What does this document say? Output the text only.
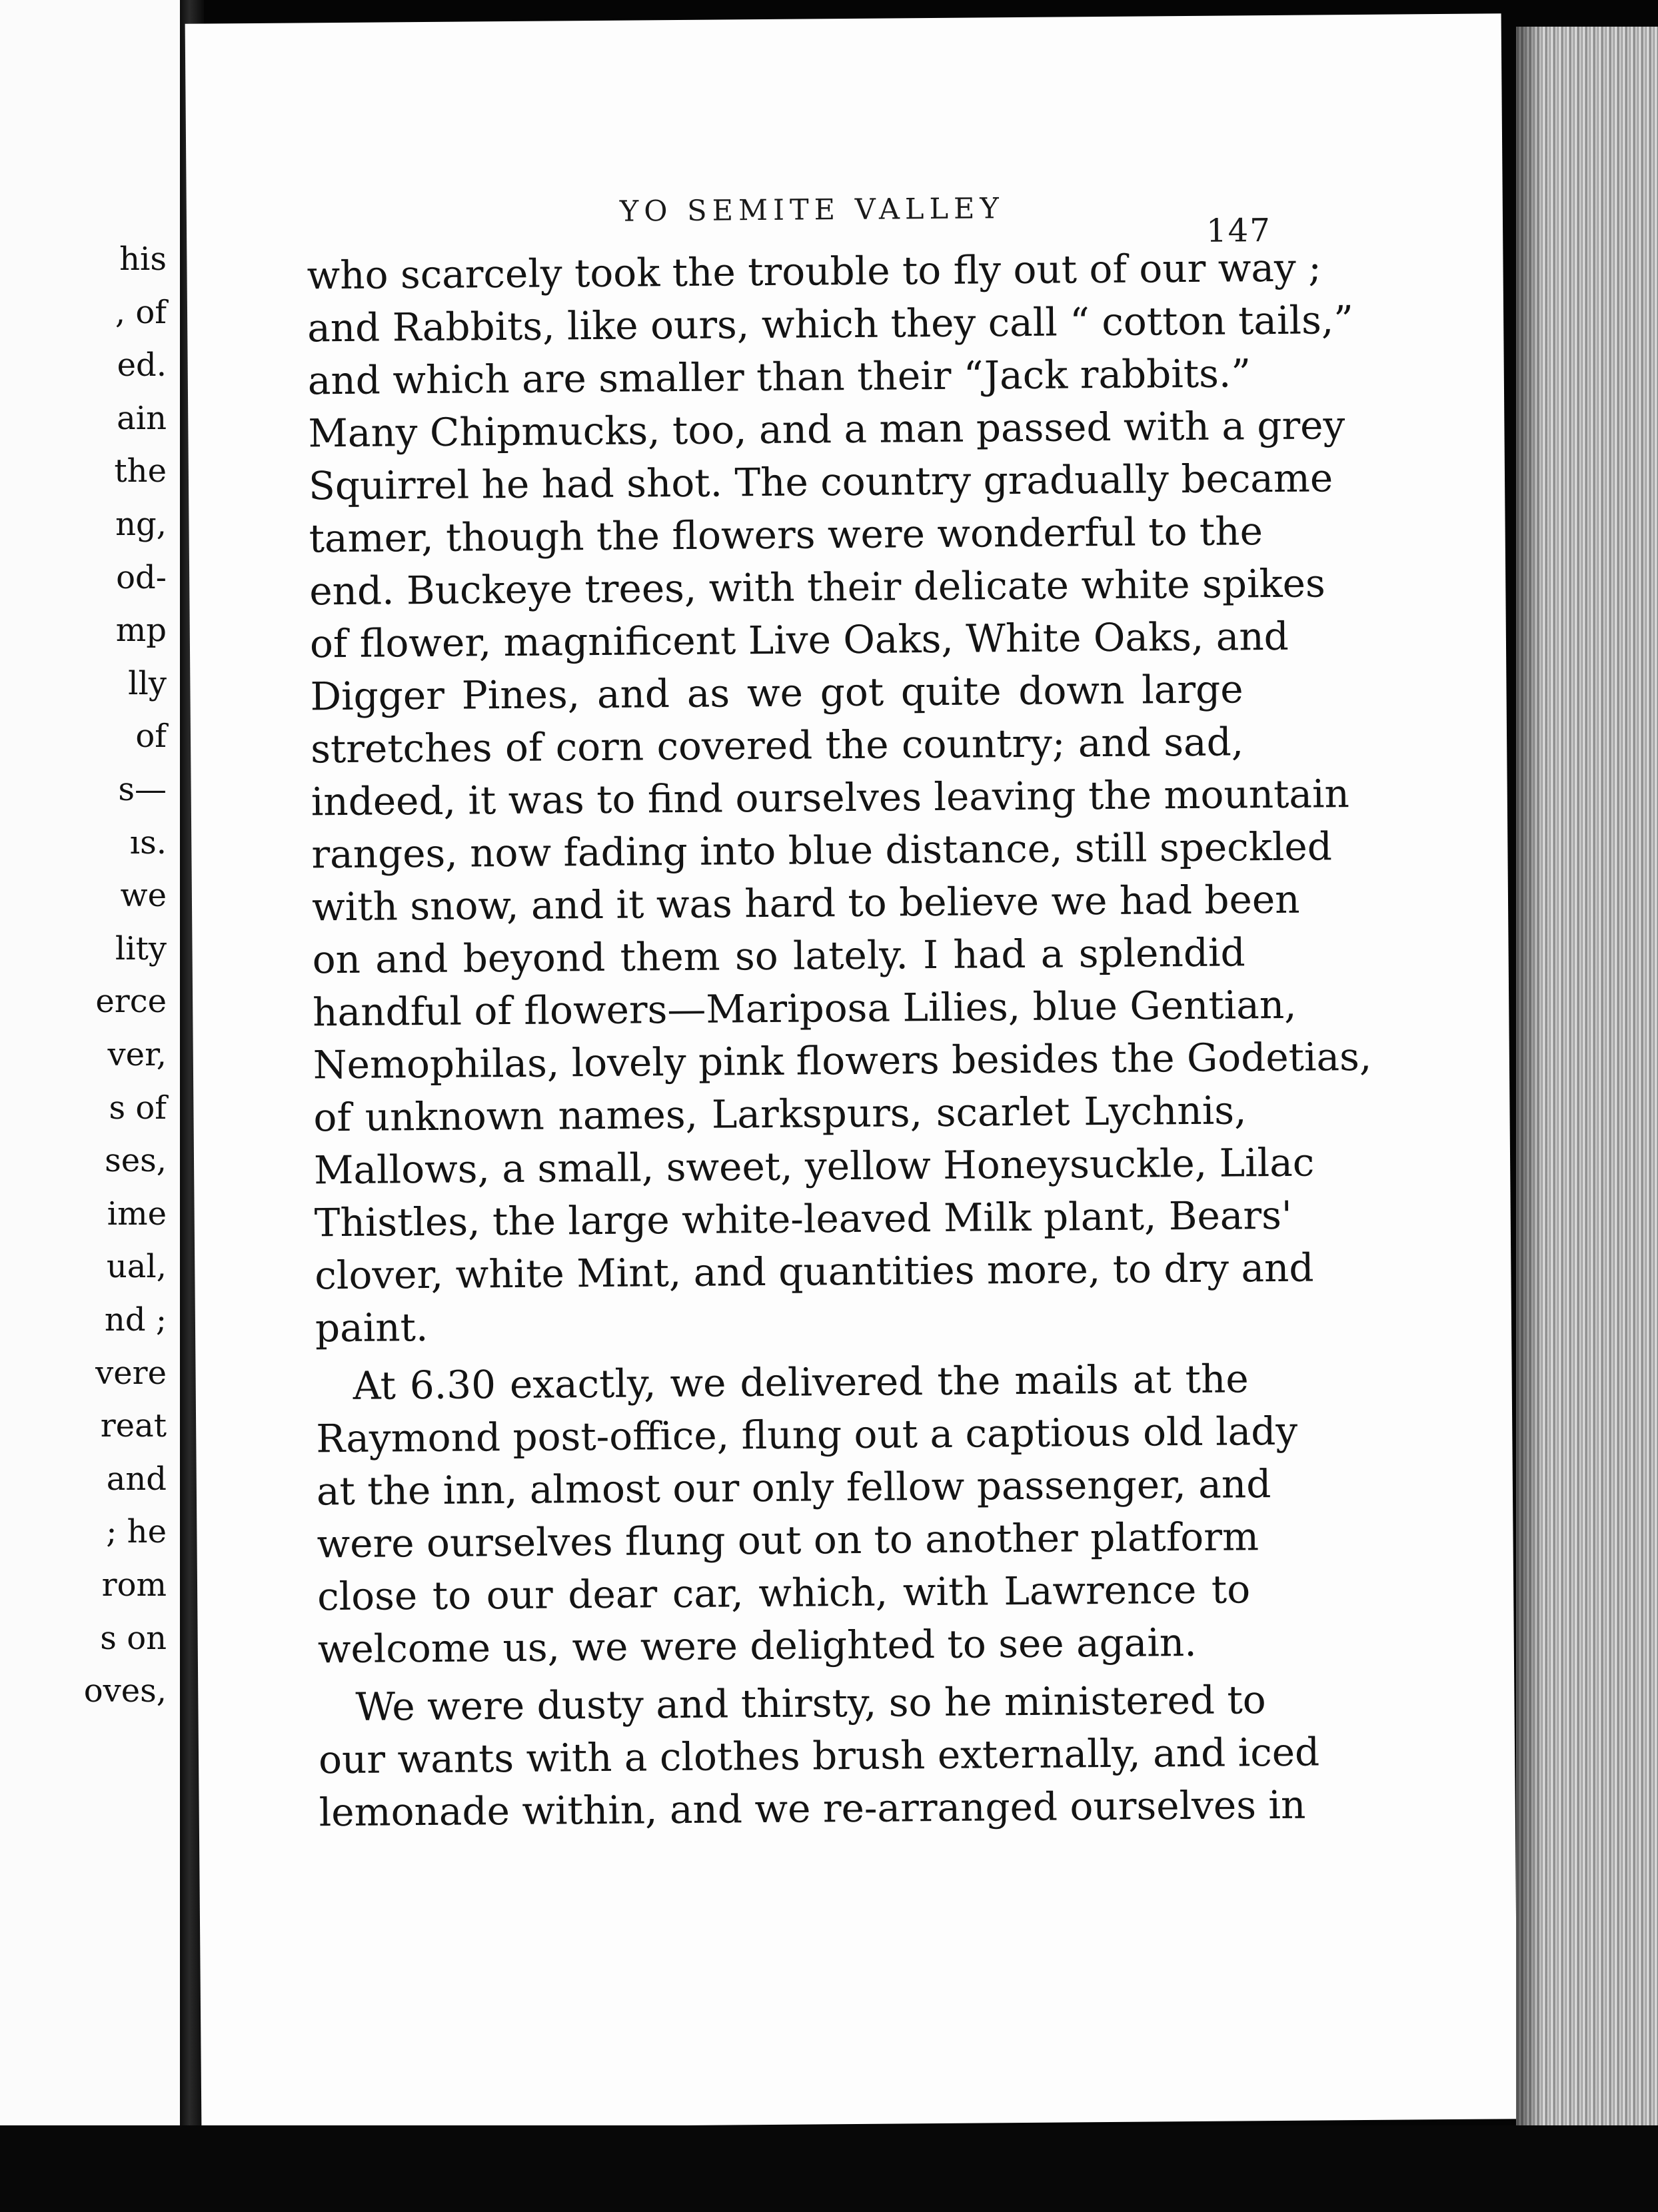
his
, of
ed.
ain
the
ng,
od-
mp
lly
of
s—
ıs.
we
lity
erce
ver,
s of
ses,
ime
ual,
nd ;
vere
reat
and
; he
rom
s on
oves,
YO SEMITE VALLEY
147
who scarcely took the trouble to fly out of our way ;
and Rabbits, like ours, which they call “ cotton tails,”
and which are smaller than their “Jack rabbits.”
Many Chipmucks, too, and a man passed with a grey
Squirrel he had shot. The country gradually became
tamer, though the flowers were wonderful to the
end. Buckeye trees, with their delicate white spikes
of flower, magnificent Live Oaks, White Oaks, and
Digger Pines, and as we got quite down large
stretches of corn covered the country; and sad,
indeed, it was to find ourselves leaving the mountain
ranges, now fading into blue distance, still speckled
with snow, and it was hard to believe we had been
on and beyond them so lately. I had a splendid
handful of flowers—Mariposa Lilies, blue Gentian,
Nemophilas, lovely pink flowers besides the Godetias,
of unknown names, Larkspurs, scarlet Lychnis,
Mallows, a small, sweet, yellow Honeysuckle, Lilac
Thistles, the large white-leaved Milk plant, Bears'
clover, white Mint, and quantities more, to dry and
paint.
At 6.30 exactly, we delivered the mails at the
Raymond post-office, flung out a captious old lady
at the inn, almost our only fellow passenger, and
were ourselves flung out on to another platform
close to our dear car, which, with Lawrence to
welcome us, we were delighted to see again.
We were dusty and thirsty, so he ministered to
our wants with a clothes brush externally, and iced
lemonade within, and we re-arranged ourselves in
